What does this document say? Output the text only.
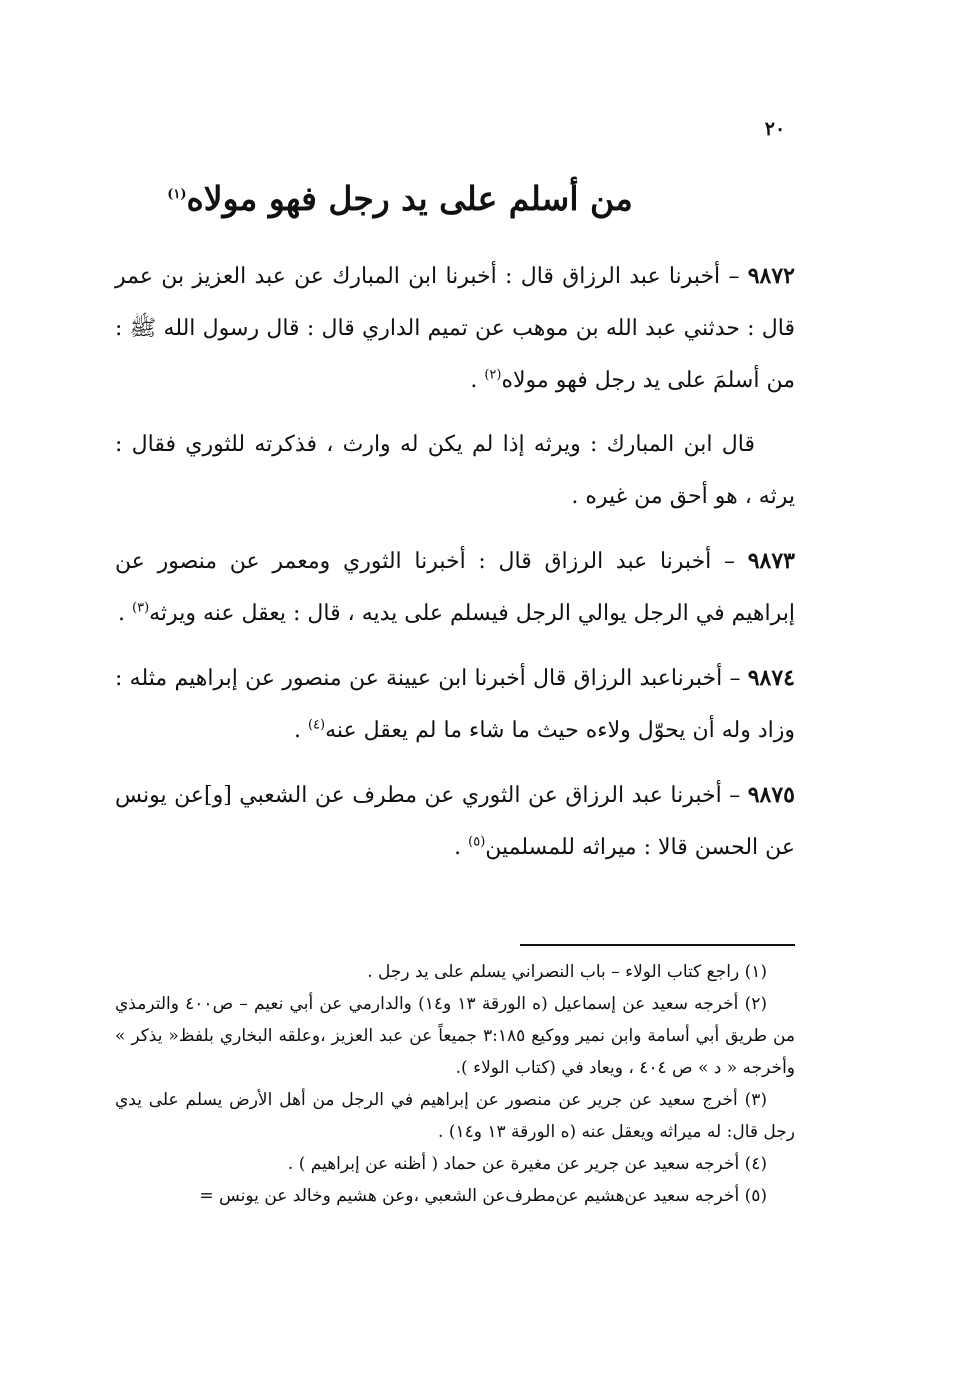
٢٠
من أسلم على يد رجل فهو مولاه$^{(١)}$

٩٨٧٢ – أخبرنا عبد الرزاق قال : أخبرنا ابن المبارك عن عبد العزيز بن عمر قال : حدثني عبد الله بن موهب عن تميم الداري قال : قال رسول الله ﷺ : من أسلمَ على يد رجل فهو مولاه$^{(٢)}$ .

قال ابن المبارك : ويرثه إذا لم يكن له وارث ، فذكرته للثوري فقال : يرثه ، هو أحق من غيره .

٩٨٧٣ – أخبرنا عبد الرزاق قال : أخبرنا الثوري ومعمر عن منصور عن إبراهيم في الرجل يوالي الرجل فيسلم على يديه ، قال : يعقل عنه ويرثه$^{(٣)}$ .

٩٨٧٤ – أخبرناعبد الرزاق قال أخبرنا ابن عيينة عن منصور عن إبراهيم مثله : وزاد وله أن يحوّل ولاءه حيث ما شاء ما لم يعقل عنه$^{(٤)}$ .

٩٨٧٥ – أخبرنا عبد الرزاق عن الثوري عن مطرف عن الشعبي [و]عن يونس عن الحسن قالا : ميراثه للمسلمين$^{(٥)}$ .

(١) راجع كتاب الولاء – باب النصراني يسلم على يد رجل .

(٢) أخرجه سعيد عن إسماعيل (ه الورقة ١٣ و١٤) والدارمي عن أبي نعيم – ص٤٠٠ والترمذي من طريق أبي أسامة وابن نمير ووكيع ٣:١٨٥ جميعاً عن عبد العزيز ،وعلقه البخاري بلفظ« يذكر » وأخرجه « د » ص ٤٠٤ ، ويعاد في (كتاب الولاء ).

(٣) أخرج سعيد عن جرير عن منصور عن إبراهيم في الرجل من أهل الأرض يسلم على يدي رجل قال: له ميراثه ويعقل عنه (ه الورقة ١٣ و١٤) .

(٤) أخرجه سعيد عن جرير عن مغيرة عن حماد ( أظنه عن إبراهيم ) .

(٥) أخرجه سعيد عن‌هشيم عن‌مطرف‌عن الشعبي ،وعن هشيم وخالد عن يونس =
